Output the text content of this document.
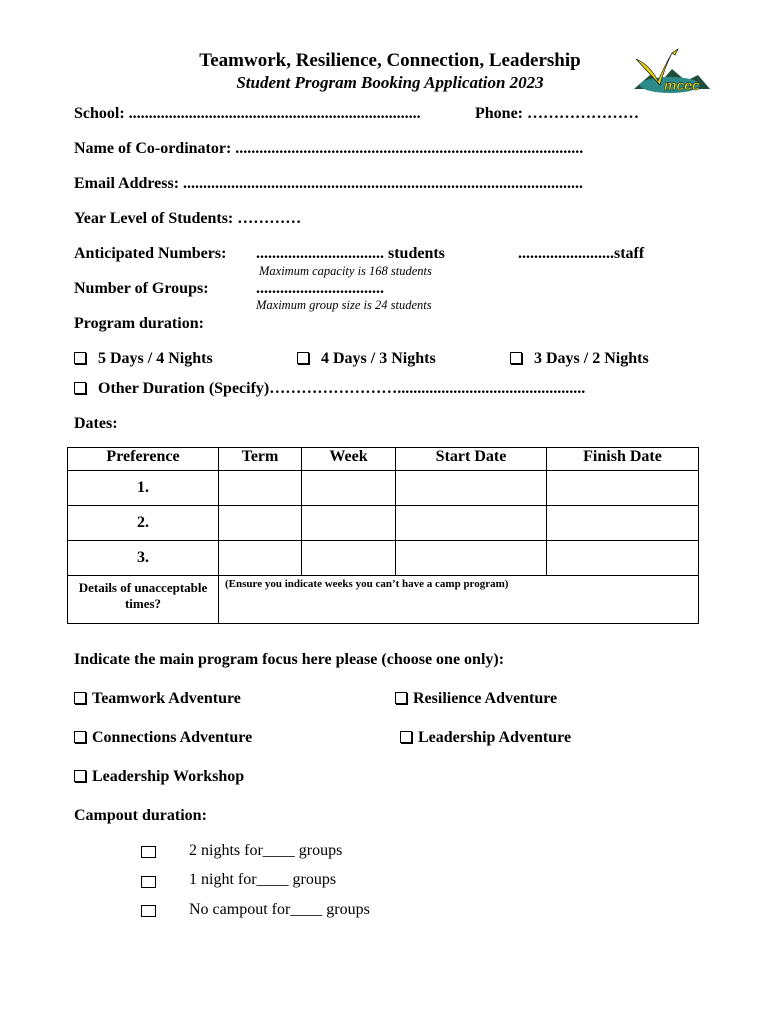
Teamwork, Resilience, Connection, Leadership
Student Program Booking Application 2023	mcec
School: .........................................................................	Phone: …………………
Name of Co-ordinator: .......................................................................................
Email Address: ....................................................................................................
Year Level of Students: …………
Anticipated Numbers: ................................ students	........................staff
Maximum capacity is 168 students
Number of Groups:	................................
Maximum group size is 24 students
Program duration:
5 Days / 4 Nights	4 Days / 3 Nights	3 Days / 2 Nights
Other Duration (Specify)……………………...............................................
Dates:
Preference	Term	Week	Start Date	Finish Date
1.				
2.				
3.				
Details of unacceptable times?	(Ensure you indicate weeks you can’t have a camp program)			
Indicate the main program focus here please (choose one only):
Teamwork Adventure	Resilience Adventure
Connections Adventure	Leadership Adventure
Leadership Workshop
Campout duration:
2 nights for____ groups
1 night for____ groups
No campout for____ groups
